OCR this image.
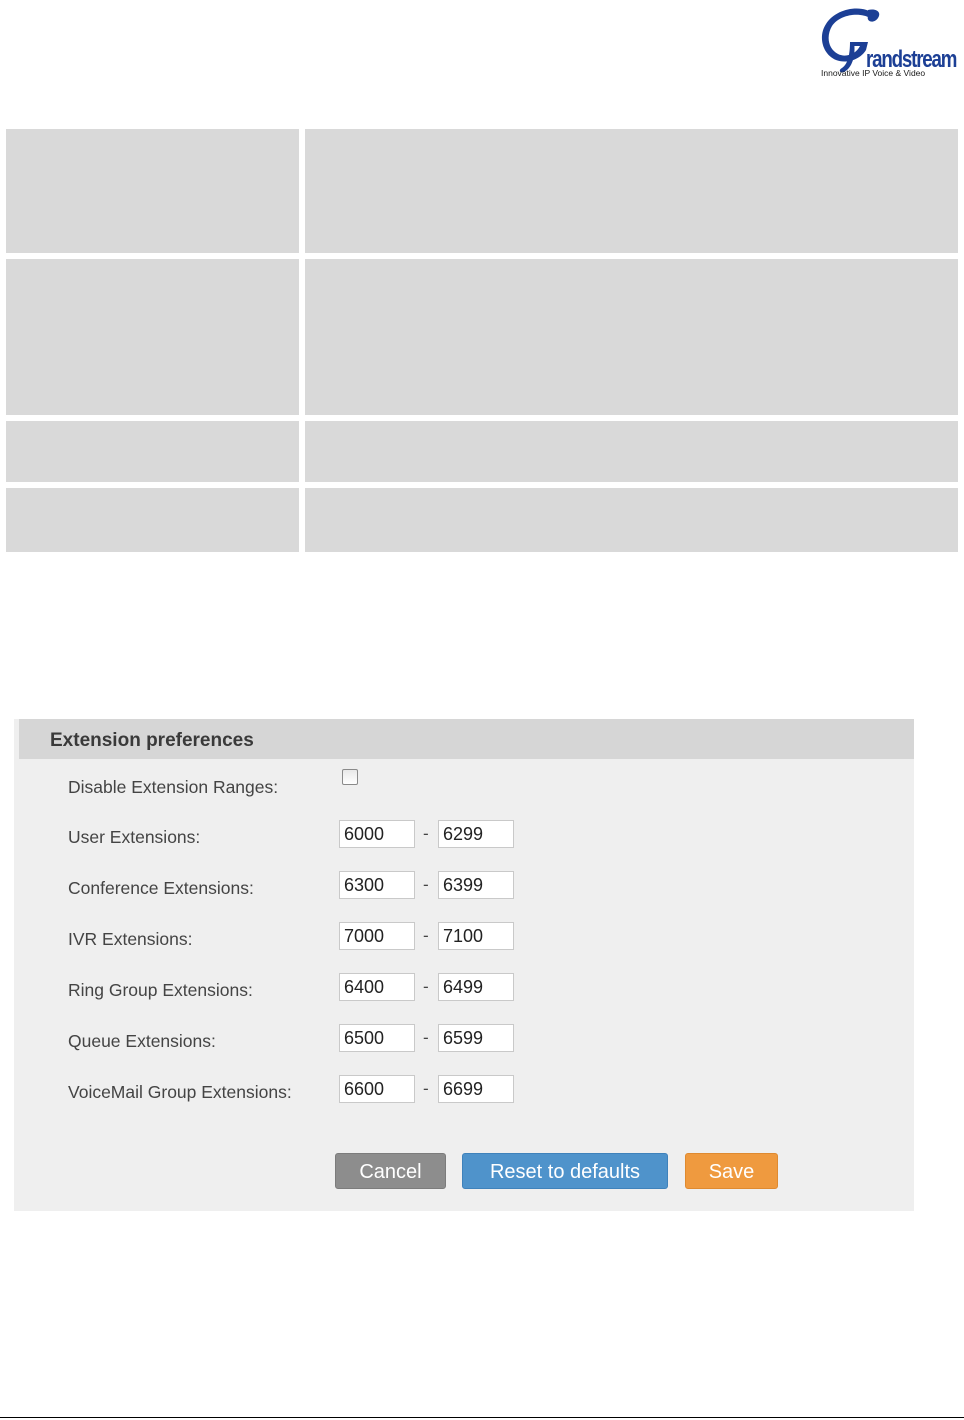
randstream
Innovative IP Voice & Video
Extension preferences
Disable Extension Ranges:
User Extensions:
6000	-
6299
Conference Extensions:
6300	-
6399
IVR Extensions:
7000	-
7100
Ring Group Extensions:
6400	-
6499
Queue Extensions:
6500	-
6599
VoiceMail Group Extensions:
6600	-
6699
Cancel	Reset to defaults	Save
